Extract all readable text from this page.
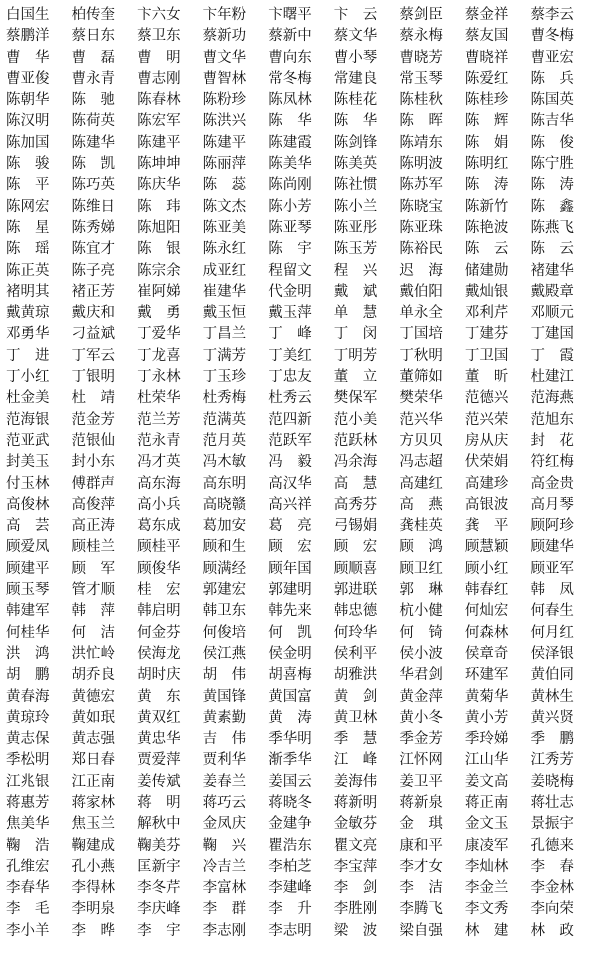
白国生	柏传奎	卞六女	卞年粉	卞曙平	卞　云	蔡剑臣	蔡金祥	蔡李云
蔡鹏洋	蔡日东	蔡卫东	蔡新功	蔡新中	蔡文华	蔡永梅	蔡友国	曹冬梅
曹　华	曹　磊	曹　明	曹文华	曹向东	曹小琴	曹晓芳	曹晓祥	曹亚宏
曹亚俊	曹永青	曹志刚	曹智林	常冬梅	常建良	常玉琴	陈爱红	陈　兵
陈朝华	陈　驰	陈春林	陈粉珍	陈凤林	陈桂花	陈桂秋	陈桂珍	陈国英
陈汉明	陈荷英	陈宏军	陈洪兴	陈　华	陈　华	陈　晖	陈　辉	陈吉华
陈加国	陈建华	陈建平	陈建平	陈建霞	陈剑锋	陈靖东	陈　娟	陈　俊
陈　骏	陈　凯	陈坤坤	陈丽萍	陈美华	陈美英	陈明波	陈明红	陈宁胜
陈　平	陈巧英	陈庆华	陈　蕊	陈尚刚	陈社惯	陈苏军	陈　涛	陈　涛
陈网宏	陈维日	陈　玮	陈文杰	陈小芳	陈小兰	陈晓宝	陈新竹	陈　鑫
陈　星	陈秀娣	陈旭阳	陈亚美	陈亚琴	陈亚彤	陈亚珠	陈艳波	陈燕飞
陈　瑶	陈宜才	陈　银	陈永红	陈　宇	陈玉芳	陈裕民	陈　云	陈　云
陈正英	陈子亮	陈宗余	成亚红	程留文	程　兴	迟　海	储建勋	褚建华
褚明其	褚正芳	崔阿娣	崔建华	代金明	戴　斌	戴伯阳	戴灿银	戴殿章
戴黄琼	戴庆和	戴　勇	戴玉恒	戴玉萍	单　慧	单永全	邓利芹	邓顺元
邓勇华	刁益斌	丁爱华	丁昌兰	丁　峰	丁　闵	丁国培	丁建芬	丁建国
丁　进	丁军云	丁龙喜	丁满芳	丁美红	丁明芳	丁秋明	丁卫国	丁　霞
丁小红	丁银明	丁永林	丁玉珍	丁忠友	董　立	董筛如	董　昕	杜建江
杜金美	杜　靖	杜荣华	杜秀梅	杜秀云	樊保军	樊荣华	范德兴	范海燕
范海银	范金芳	范兰芳	范满英	范四新	范小美	范兴华	范兴荣	范旭东
范亚武	范银仙	范永青	范月英	范跃军	范跃林	方贝贝	房从庆	封　花
封美玉	封小东	冯才英	冯木敏	冯　毅	冯余海	冯志超	伏荣娟	符红梅
付玉林	傅群声	高东海	高东明	高汉华	高　慧	高建红	高建珍	高金贵
高俊林	高俊萍	高小兵	高晓赣	高兴祥	高秀芬	高　燕	高银波	高月琴
高　芸	高正涛	葛东成	葛加安	葛　亮	弓锡娟	龚桂英	龚　平	顾阿珍
顾爱凤	顾桂兰	顾桂平	顾和生	顾　宏	顾　宏	顾　鸿	顾慧颖	顾建华
顾建平	顾　军	顾俊华	顾满经	顾年国	顾顺喜	顾卫红	顾小红	顾亚军
顾玉琴	管才顺	桂　宏	郭建宏	郭建明	郭进联	郭　琳	韩春红	韩　凤
韩建军	韩　萍	韩启明	韩卫东	韩先来	韩忠德	杭小健	何灿宏	何春生
何桂华	何　洁	何金芬	何俊培	何　凯	何玲华	何　锜	何森林	何月红
洪　鸿	洪忙岭	侯海龙	侯江燕	侯金明	侯利平	侯小波	侯章奇	侯泽银
胡　鹏	胡乔良	胡时庆	胡　伟	胡喜梅	胡雅洪	华君剑	环建军	黄伯同
黄春海	黄德宏	黄　东	黄国锋	黄国富	黄　剑	黄金萍	黄菊华	黄林生
黄琼玲	黄如珉	黄双红	黄素勤	黄　涛	黄卫林	黄小冬	黄小芳	黄兴贤
黄志保	黄志强	黄忠华	吉　伟	季华明	季　慧	季金芳	季玲娣	季　鹏
季松明	郑日春	贾爱萍	贾利华	渐季华	江　峰	江怀网	江山华	江秀芳
江兆银	江正南	姜传斌	姜春兰	姜国云	姜海伟	姜卫平	姜文高	姜晓梅
蒋惠芳	蒋家林	蒋　明	蒋巧云	蒋晓冬	蒋新明	蒋新泉	蒋正南	蒋壮志
焦美华	焦玉兰	解秋中	金凤庆	金建争	金敏芬	金　琪	金文玉	景振宇
鞠　浩	鞠建成	鞠美芬	鞠　兴	瞿浩东	瞿文亮	康和平	康凌军	孔德来
孔维宏	孔小燕	匡新宇	冷吉兰	李柏芝	李宝萍	李才女	李灿林	李　春
李春华	李得林	李冬芹	李富林	李建峰	李　剑	李　洁	李金兰	李金林
李　毛	李明泉	李庆峰	李　群	李　升	李胜刚	李腾飞	李文秀	李向荣
李小羊	李　晔	李　宇	李志刚	李志明	梁　波	梁自强	林　建	林　政
